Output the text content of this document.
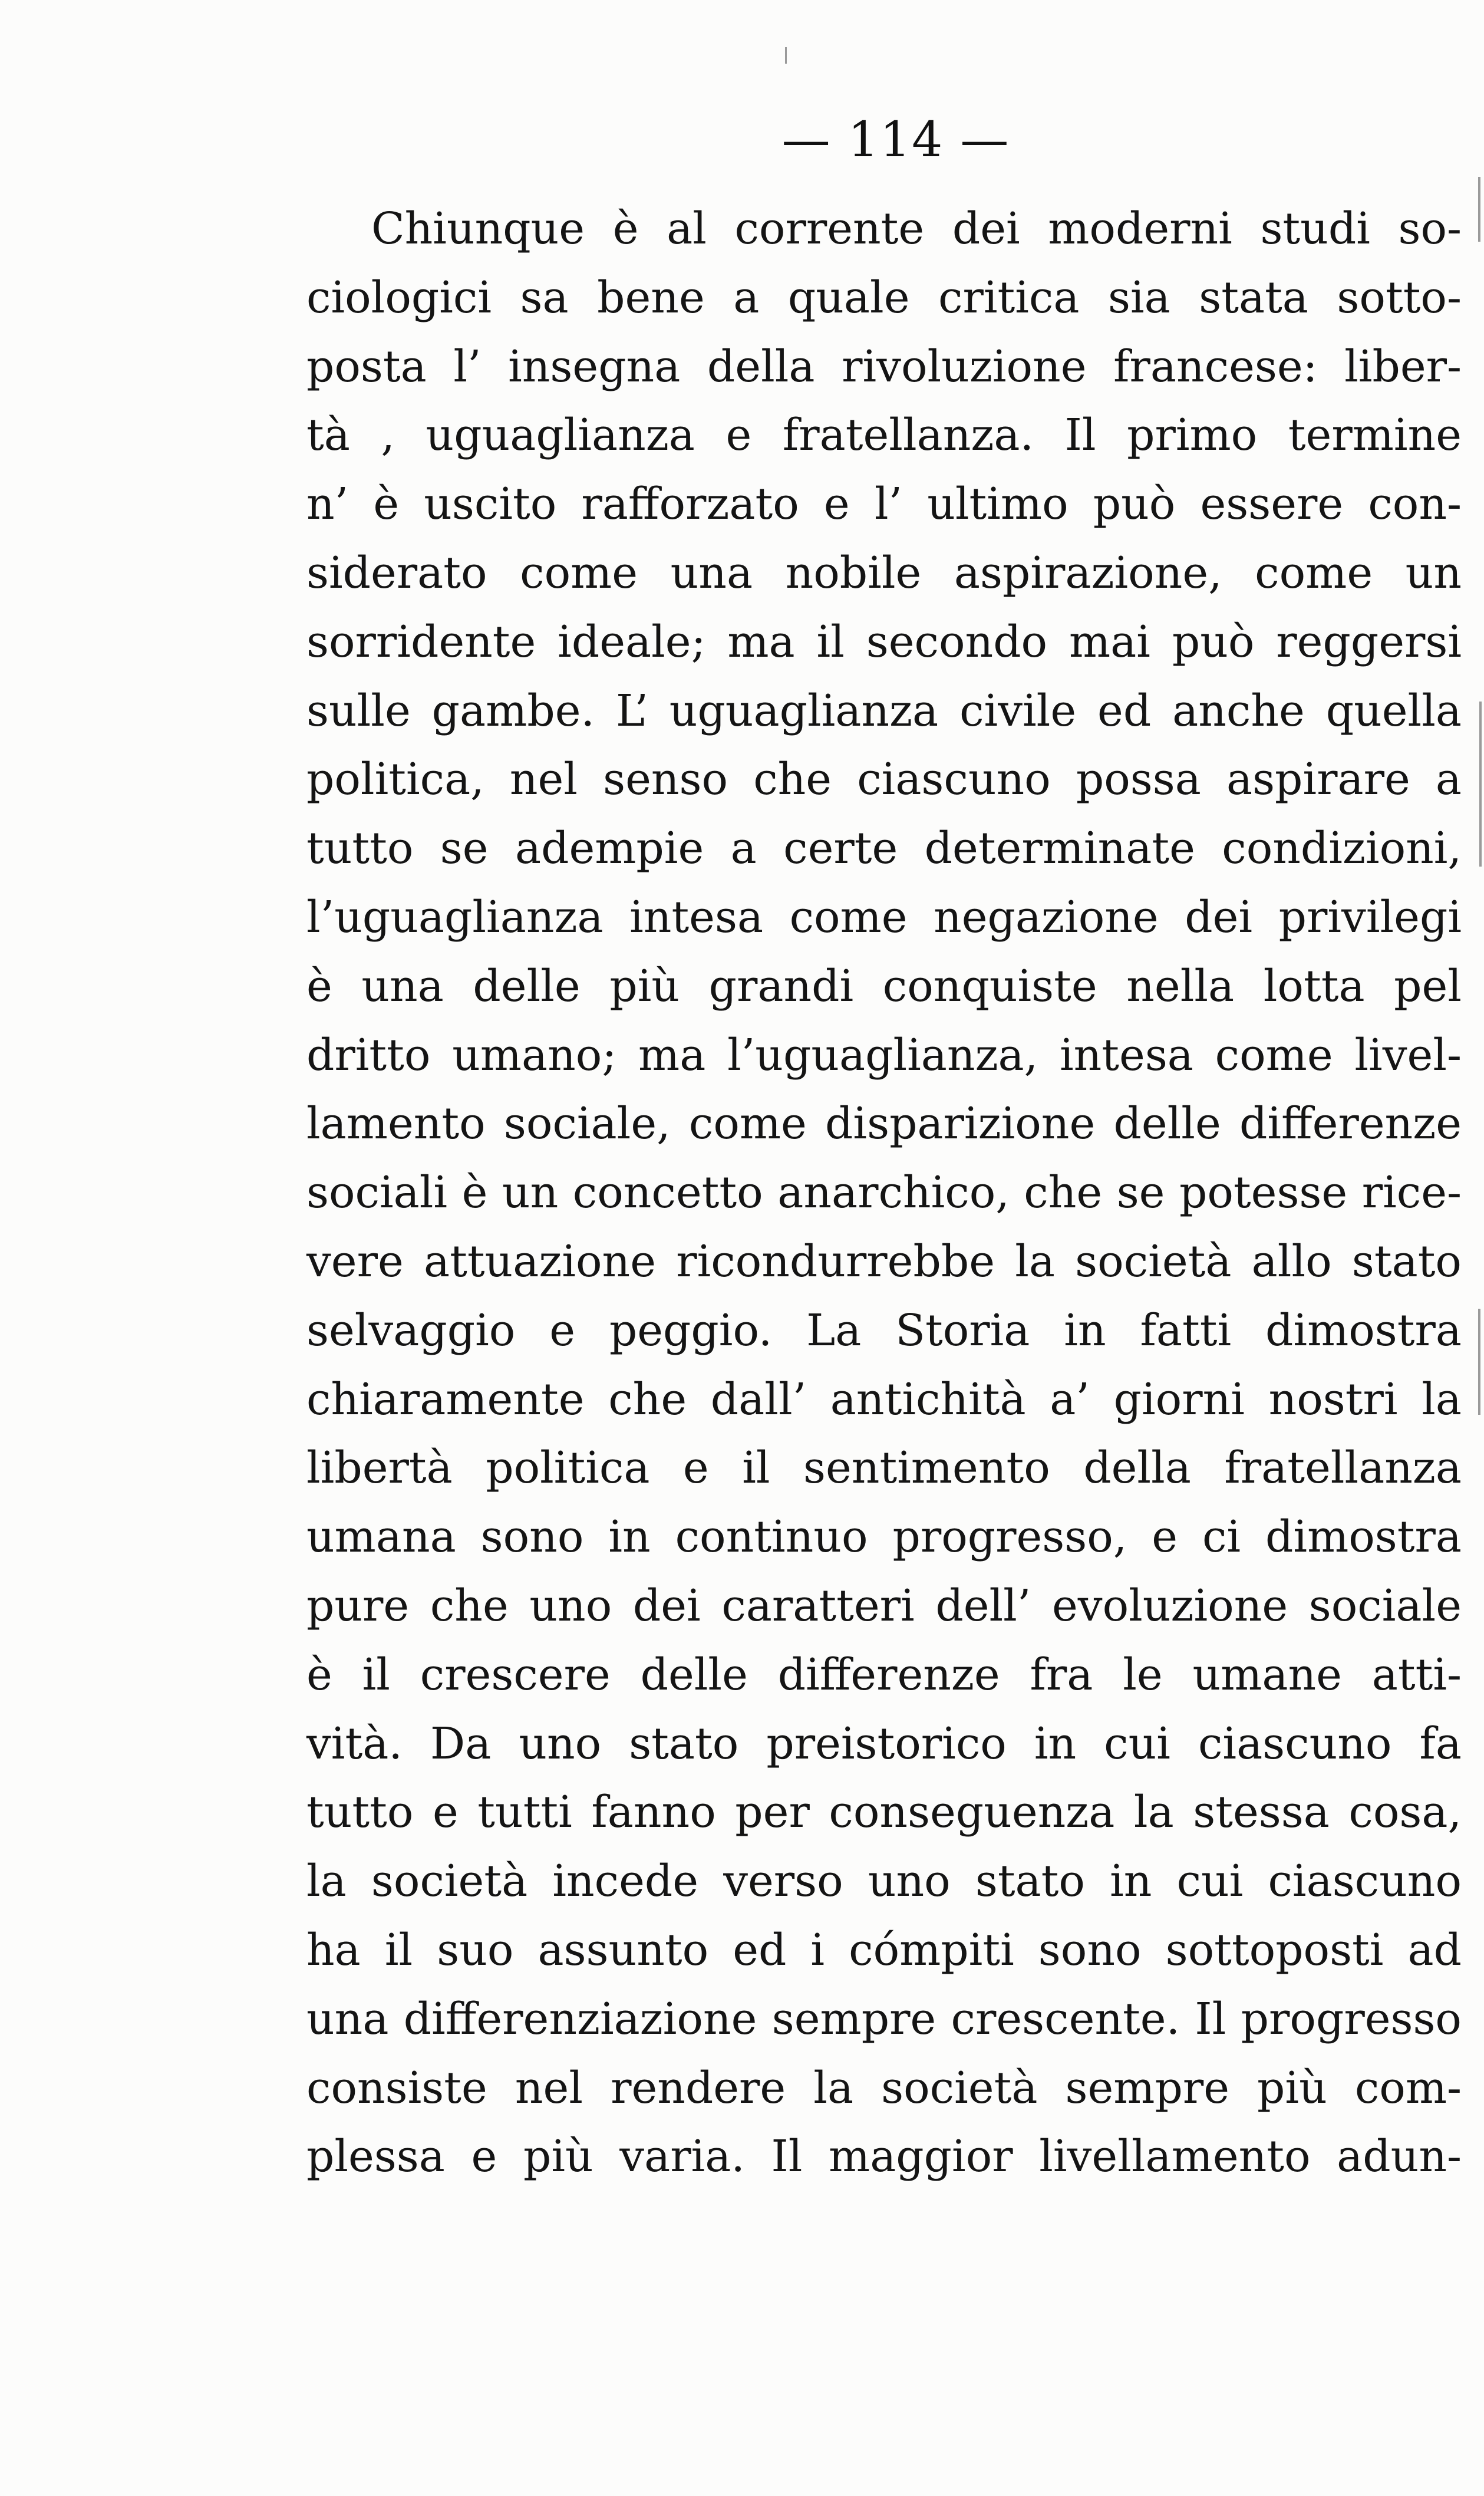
— 114 —
Chiunque è al corrente dei moderni studi so-
ciologici sa bene a quale critica sia stata sotto-
posta l’ insegna della rivoluzione francese: liber-
tà , uguaglianza e fratellanza. Il primo termine
n’ è uscito rafforzato e l’ ultimo può essere con-
siderato come una nobile aspirazione, come un
sorridente ideale; ma il secondo mai può reggersi
sulle gambe. L’ uguaglianza civile ed anche quella
politica, nel senso che ciascuno possa aspirare a
tutto se adempie a certe determinate condizioni,
l’uguaglianza intesa come negazione dei privilegi
è una delle più grandi conquiste nella lotta pel
dritto umano; ma l’uguaglianza, intesa come livel-
lamento sociale, come disparizione delle differenze
sociali è un concetto anarchico, che se potesse rice-
vere attuazione ricondurrebbe la società allo stato
selvaggio e peggio. La Storia in fatti dimostra
chiaramente che dall’ antichità a’ giorni nostri la
libertà politica e il sentimento della fratellanza
umana sono in continuo progresso, e ci dimostra
pure che uno dei caratteri dell’ evoluzione sociale
è il crescere delle differenze fra le umane atti-
vità. Da uno stato preistorico in cui ciascuno fa
tutto e tutti fanno per conseguenza la stessa cosa,
la società incede verso uno stato in cui ciascuno
ha il suo assunto ed i cómpiti sono sottoposti ad
una differenziazione sempre crescente. Il progresso
consiste nel rendere la società sempre più com-
plessa e più varia. Il maggior livellamento adun-
